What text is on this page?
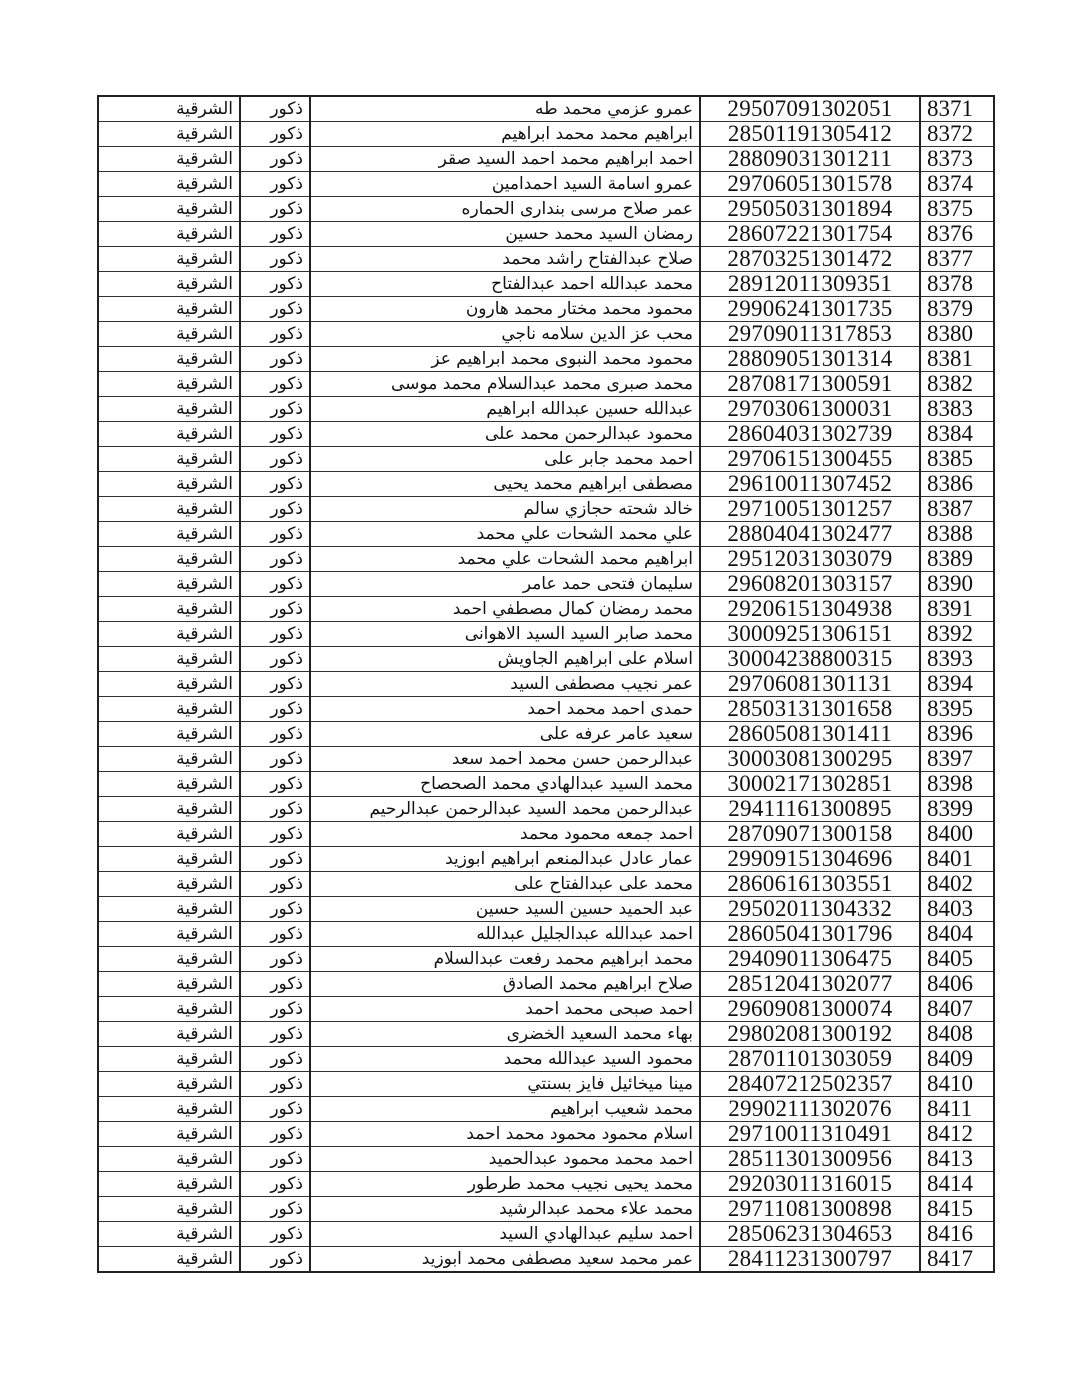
8371	29507091302051	عمرو عزمي محمد طه	ذكور	الشرقية
8372	28501191305412	ابراهيم محمد محمد ابراهيم	ذكور	الشرقية
8373	28809031301211	احمد ابراهيم محمد احمد السيد صقر	ذكور	الشرقية
8374	29706051301578	عمرو اسامة السيد احمدامين	ذكور	الشرقية
8375	29505031301894	عمر صلاح مرسى بندارى الحماره	ذكور	الشرقية
8376	28607221301754	رمضان السيد محمد حسين	ذكور	الشرقية
8377	28703251301472	صلاح عبدالفتاح راشد محمد	ذكور	الشرقية
8378	28912011309351	محمد عبدالله احمد عبدالفتاح	ذكور	الشرقية
8379	29906241301735	محمود محمد مختار محمد هارون	ذكور	الشرقية
8380	29709011317853	محب عز الدين سلامه ناجي	ذكور	الشرقية
8381	28809051301314	محمود محمد النبوى محمد ابراهيم عز	ذكور	الشرقية
8382	28708171300591	محمد صبرى محمد عبدالسلام محمد موسى	ذكور	الشرقية
8383	29703061300031	عبدالله حسين عبدالله ابراهيم	ذكور	الشرقية
8384	28604031302739	محمود عبدالرحمن محمد على	ذكور	الشرقية
8385	29706151300455	احمد محمد جابر على	ذكور	الشرقية
8386	29610011307452	مصطفى ابراهيم محمد يحيى	ذكور	الشرقية
8387	29710051301257	خالد شحته حجازي سالم	ذكور	الشرقية
8388	28804041302477	علي محمد الشحات علي محمد	ذكور	الشرقية
8389	29512031303079	ابراهيم محمد الشحات علي محمد	ذكور	الشرقية
8390	29608201303157	سليمان فتحى حمد عامر	ذكور	الشرقية
8391	29206151304938	محمد رمضان كمال مصطفي احمد	ذكور	الشرقية
8392	30009251306151	محمد صابر السيد السيد الاهوانى	ذكور	الشرقية
8393	30004238800315	اسلام على ابراهيم الجاويش	ذكور	الشرقية
8394	29706081301131	عمر نجيب مصطفى السيد	ذكور	الشرقية
8395	28503131301658	حمدى احمد محمد احمد	ذكور	الشرقية
8396	28605081301411	سعيد عامر عرفه على	ذكور	الشرقية
8397	30003081300295	عبدالرحمن حسن محمد احمد سعد	ذكور	الشرقية
8398	30002171302851	محمد السيد عبدالهادي محمد الصحصاح	ذكور	الشرقية
8399	29411161300895	عبدالرحمن محمد السيد عبدالرحمن عبدالرحيم	ذكور	الشرقية
8400	28709071300158	احمد جمعه محمود محمد	ذكور	الشرقية
8401	29909151304696	عمار عادل عبدالمنعم ابراهيم ابوزيد	ذكور	الشرقية
8402	28606161303551	محمد على عبدالفتاح على	ذكور	الشرقية
8403	29502011304332	عبد الحميد حسين السيد حسين	ذكور	الشرقية
8404	28605041301796	احمد عبدالله عبدالجليل عبدالله	ذكور	الشرقية
8405	29409011306475	محمد ابراهيم محمد رفعت عبدالسلام	ذكور	الشرقية
8406	28512041302077	صلاح ابراهيم محمد الصادق	ذكور	الشرقية
8407	29609081300074	احمد صبحى محمد احمد	ذكور	الشرقية
8408	29802081300192	بهاء محمد السعيد الخضرى	ذكور	الشرقية
8409	28701101303059	محمود السيد عبدالله محمد	ذكور	الشرقية
8410	28407212502357	مينا ميخائيل فايز بسنتي	ذكور	الشرقية
8411	29902111302076	محمد شعيب ابراهيم	ذكور	الشرقية
8412	29710011310491	اسلام محمود محمود محمد احمد	ذكور	الشرقية
8413	28511301300956	احمد محمد محمود عبدالحميد	ذكور	الشرقية
8414	29203011316015	محمد يحيى نجيب محمد طرطور	ذكور	الشرقية
8415	29711081300898	محمد علاء محمد عبدالرشيد	ذكور	الشرقية
8416	28506231304653	احمد سليم عبدالهادي السيد	ذكور	الشرقية
8417	28411231300797	عمر محمد سعيد مصطفى محمد ابوزيد	ذكور	الشرقية
